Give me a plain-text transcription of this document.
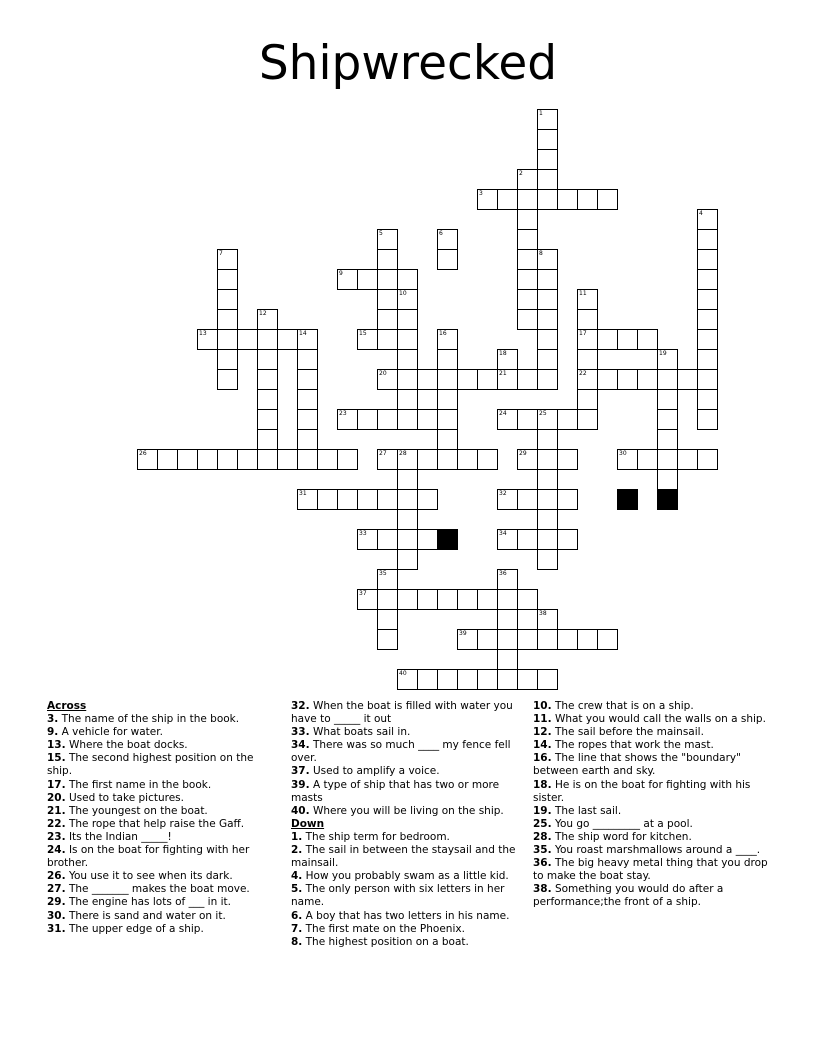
Shipwrecked
1
2
3
4
5	6
7	8
9
10	11
17
22
12
13	14	15	16
18
21
19
20
23	24	25
26	27 28	29	30
31	32
33	34
35	36
37
38
39
40

Across

3. The name of the ship in the book.

9. A vehicle for water.

13. Where the boat docks.

15. The second highest position on the ship.

17. The first name in the book.

20. Used to take pictures.

21. The youngest on the boat.

22. The rope that help raise the Gaff.

23. Its the Indian _____!

24. Is on the boat for fighting with her brother.

26. You use it to see when its dark.

27. The _______ makes the boat move.

29. The engine has lots of ___ in it.

30. There is sand and water on it.

31. The upper edge of a ship.

32. When the boat is filled with water you have to _____ it out

33. What boats sail in.

34. There was so much ____ my fence fell over.

37. Used to amplify a voice.

39. A type of ship that has two or more masts

40. Where you will be living on the ship.

Down

1. The ship term for bedroom.

2. The sail in between the staysail and the mainsail.

4. How you probably swam as a little kid.

5. The only person with six letters in her name.

6. A boy that has two letters in his name.

7. The first mate on the Phoenix.

8. The highest position on a boat.

10. The crew that is on a ship.

11. What you would call the walls on a ship.

12. The sail before the mainsail.

14. The ropes that work the mast.

16. The line that shows the "boundary" between earth and sky.

18. He is on the boat for fighting with his sister.

19. The last sail.

25. You go _________ at a pool.

28. The ship word for kitchen.

35. You roast marshmallows around a ____.

36. The big heavy metal thing that you drop to make the boat stay.

38. Something you would do after a performance;the front of a ship.
